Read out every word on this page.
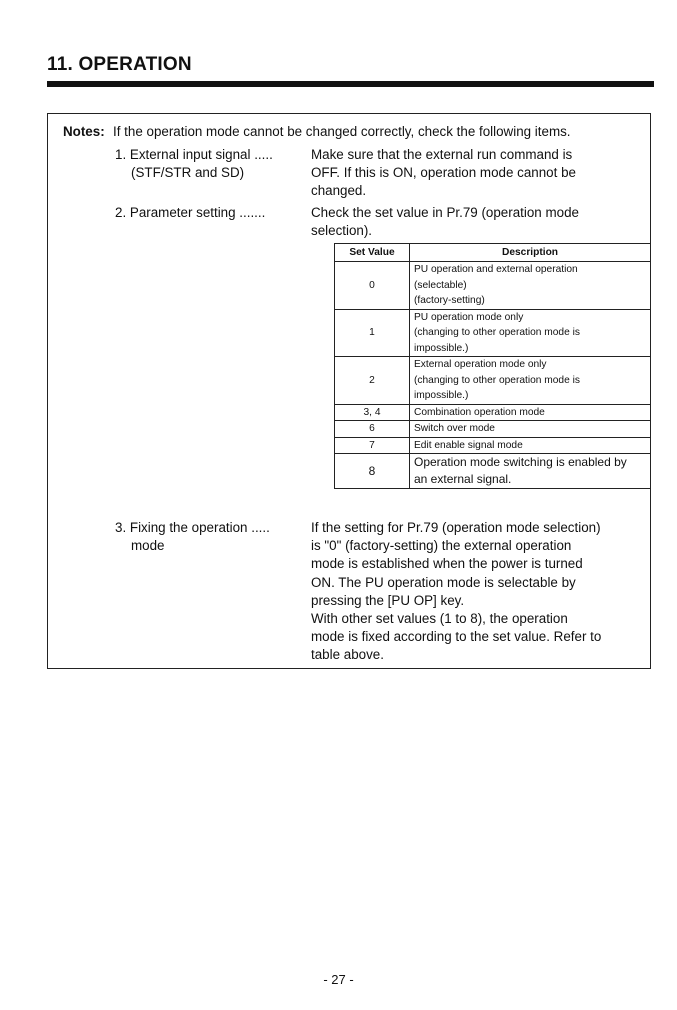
11. OPERATION
Notes: If the operation mode cannot be changed correctly, check the following items.
1. External input signal .....
(STF/STR and SD)
Make sure that the external run command is
OFF. If this is ON, operation mode cannot be
changed.
2. Parameter setting .......	Check the set value in Pr.79 (operation mode
selection).
Set Value	Description
0	PU operation and external operation
(selectable)
(factory-setting)

1	PU operation mode only
(changing to other operation mode is
impossible.)

2	External operation mode only
(changing to other operation mode is
impossible.)

3, 4	Combination operation mode
6	Switch over mode
7	Edit enable signal mode
8	Operation mode switching is enabled by
an external signal.
3. Fixing the operation .....
mode
If the setting for Pr.79 (operation mode selection)
is "0" (factory-setting) the external operation
mode is established when the power is turned
ON. The PU operation mode is selectable by
pressing the [PU OP] key.
With other set values (1 to 8), the operation
mode is fixed according to the set value. Refer to
table above.
- 27 -
